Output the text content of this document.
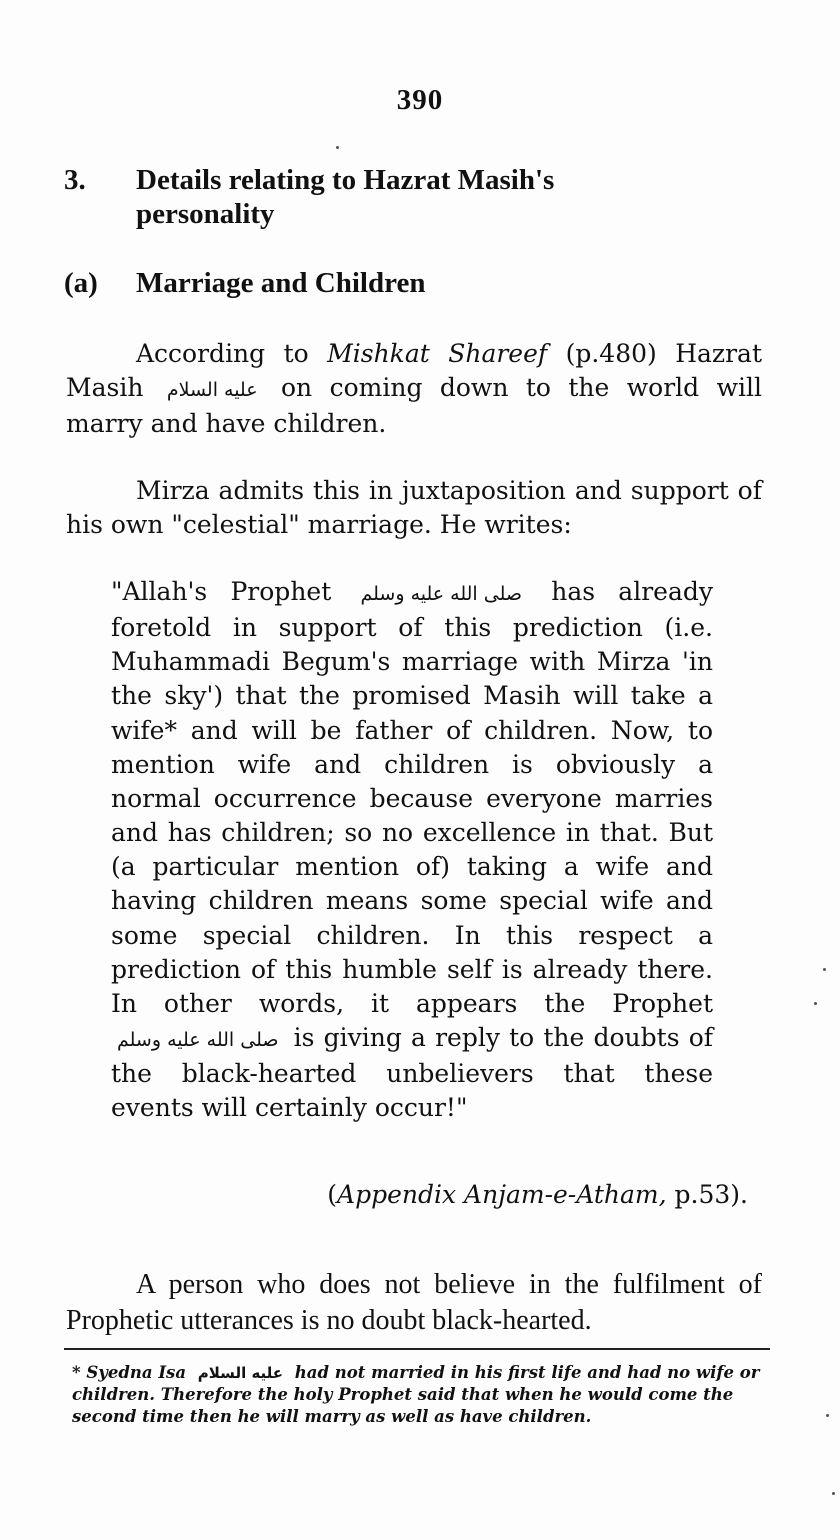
390
3. Details relating to Hazrat Masih's personality
(a) Marriage and Children

According to Mishkat Shareef (p.480) Hazrat Masih عليه السلام on coming down to the world will marry and have children.

Mirza admits this in juxtaposition and support of his own "celestial" marriage. He writes:

"Allah's Prophet صلى الله عليه وسلم has already foretold in support of this prediction (i.e. Muhammadi Begum's marriage with Mirza 'in the sky') that the promised Masih will take a wife* and will be father of children. Now, to mention wife and children is obviously a normal occurrence because everyone marries and has children; so no excellence in that. But (a particular mention of) taking a wife and having children means some special wife and some special children. In this respect a prediction of this humble self is already there. In other words, it appears the Prophet صلى الله عليه وسلم is giving a reply to the doubts of the black-hearted unbelievers that these events will certainly occur!"

(Appendix Anjam-e-Atham, p.53).

A person who does not believe in the fulfilment of Prophetic utterances is no doubt black-hearted.

* Syedna Isa عليه السلام had not married in his first life and had no wife or children. Therefore the holy Prophet said that when he would come the second time then he will marry as well as have children.
